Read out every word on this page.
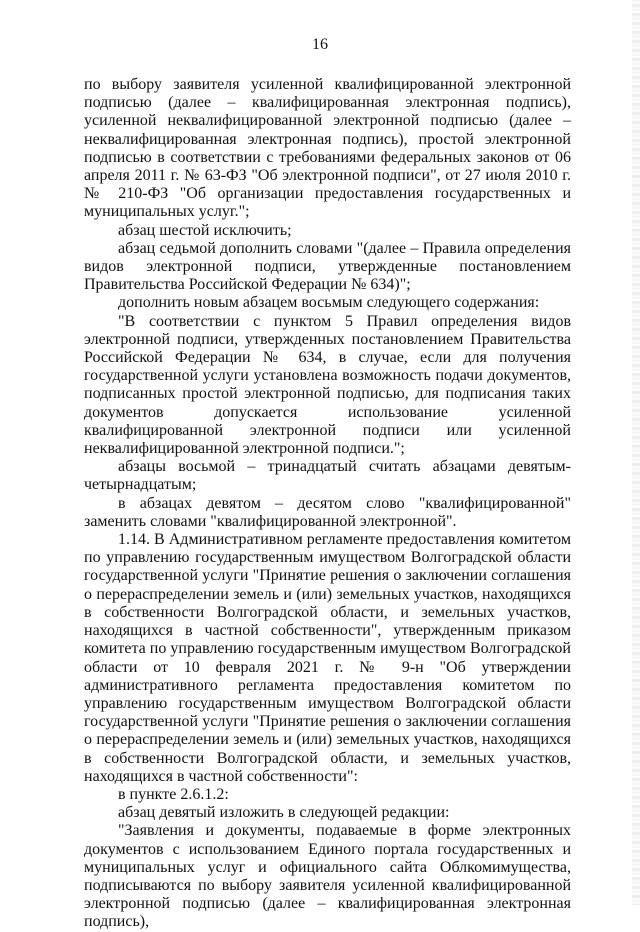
16

по выбору заявителя усиленной квалифицированной электронной подписью (далее – квалифицированная электронная подпись), усиленной неквалифицированной электронной подписью (далее – неквалифицированная электронная подпись), простой электронной подписью в соответствии с требованиями федеральных законов от 06 апреля 2011 г. № 63-ФЗ "Об электронной подписи", от 27 июля 2010 г. № 210-ФЗ "Об организации предоставления государственных и муниципальных услуг.";

абзац шестой исключить;

абзац седьмой дополнить словами "(далее – Правила определения видов электронной подписи, утвержденные постановлением Правительства Российской Федерации № 634)";

дополнить новым абзацем восьмым следующего содержания:

"В соответствии с пунктом 5 Правил определения видов электронной подписи, утвержденных постановлением Правительства Российской Федерации № 634, в случае, если для получения государственной услуги установлена возможность подачи документов, подписанных простой электронной подписью, для подписания таких документов допускается использование усиленной квалифицированной электронной подписи или усиленной неквалифицированной электронной подписи.";

абзацы восьмой – тринадцатый считать абзацами девятым-четырнадцатым;

в абзацах девятом – десятом слово "квалифицированной" заменить словами "квалифицированной электронной".

1.14. В Административном регламенте предоставления комитетом по управлению государственным имуществом Волгоградской области государственной услуги "Принятие решения о заключении соглашения о перераспределении земель и (или) земельных участков, находящихся в собственности Волгоградской области, и земельных участков, находящихся в частной собственности", утвержденным приказом комитета по управлению государственным имуществом Волгоградской области от 10 февраля 2021 г. № 9-н "Об утверждении административного регламента предоставления комитетом по управлению государственным имуществом Волгоградской области государственной услуги "Принятие решения о заключении соглашения о перераспределении земель и (или) земельных участков, находящихся в собственности Волгоградской области, и земельных участков, находящихся в частной собственности":

в пункте 2.6.1.2:

абзац девятый изложить в следующей редакции:

"Заявления и документы, подаваемые в форме электронных документов с использованием Единого портала государственных и муниципальных услуг и официального сайта Облкомимущества, подписываются по выбору заявителя усиленной квалифицированной электронной подписью (далее – квалифицированная электронная подпись),
